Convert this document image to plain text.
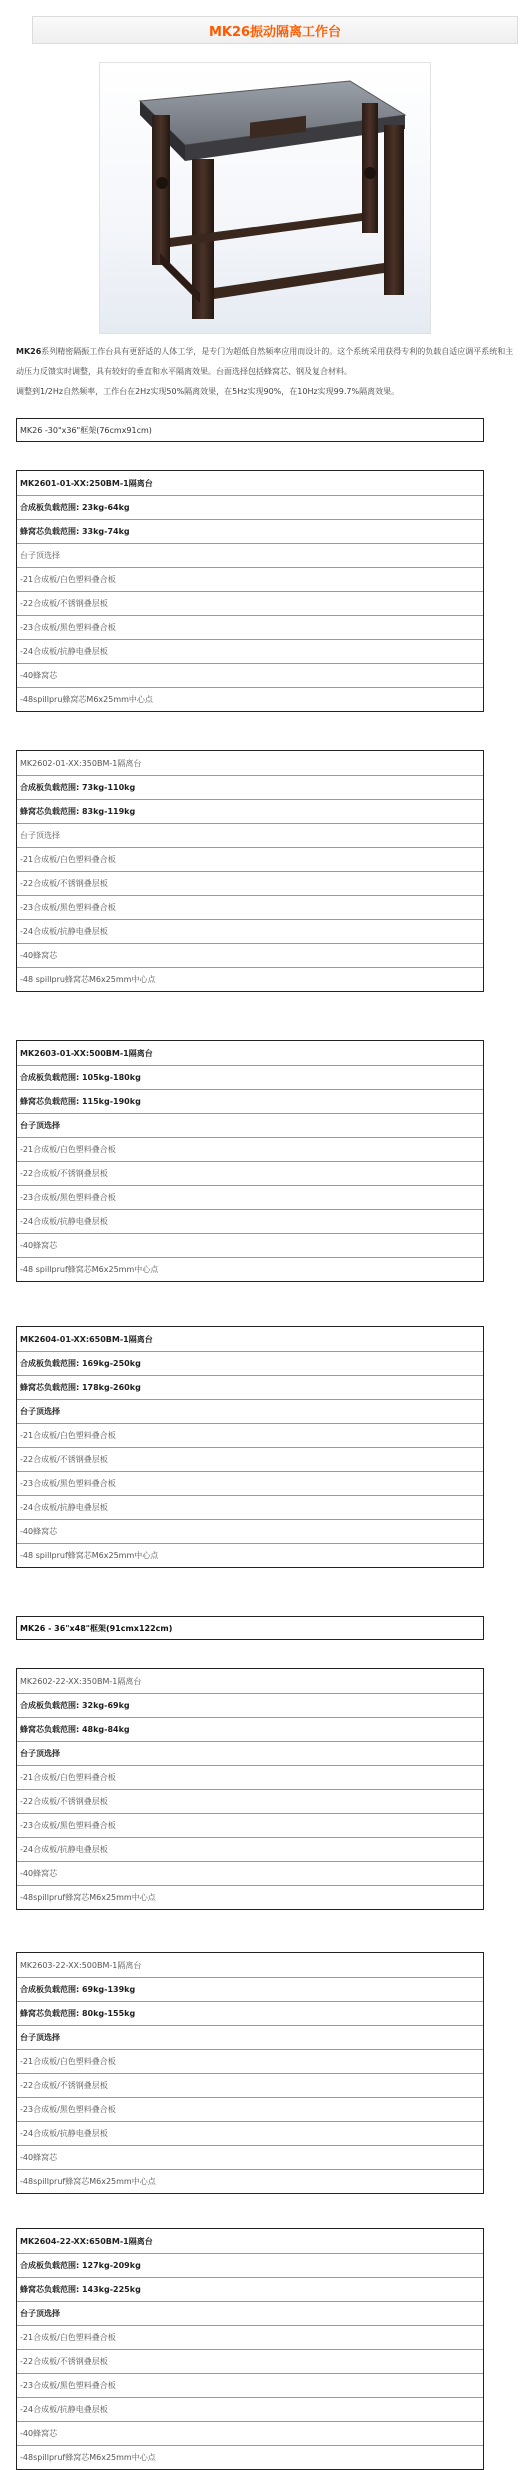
MK26振动隔离工作台

MK26系列精密隔振工作台具有更舒适的人体工学，是专门为超低自然频率应用而设计的。这个系统采用获得专利的负载自适应调平系统和主动压力反馈实时调整，具有较好的垂直和水平隔离效果。台面选择包括蜂窝芯、钢及复合材料。

调整到1/2Hz自然频率，工作台在2Hz实现50%隔离效果，在5Hz实现90%，在10Hz实现99.7%隔离效果。

MK26 -30"x36"框架(76cmx91cm)
MK2601-01-XX:250BM-1隔离台
合成板负载范围: 23kg-64kg
蜂窝芯负载范围: 33kg-74kg
台子顶选择
-21合成板/白色塑料叠合板
-22合成板/不锈钢叠层板
-23合成板/黑色塑料叠合板
-24合成板/抗静电叠层板
-40蜂窝芯
-48spillpru蜂窝芯M6x25mm中心点
MK2602-01-XX:350BM-1隔离台
合成板负载范围: 73kg-110kg
蜂窝芯负载范围: 83kg-119kg
台子顶选择
-21合成板/白色塑料叠合板
-22合成板/不锈钢叠层板
-23合成板/黑色塑料叠合板
-24合成板/抗静电叠层板
-40蜂窝芯
-48 spillpru蜂窝芯M6x25mm中心点
MK2603-01-XX:500BM-1隔离台
合成板负载范围: 105kg-180kg
蜂窝芯负载范围: 115kg-190kg
台子顶选择
-21合成板/白色塑料叠合板
-22合成板/不锈钢叠层板
-23合成板/黑色塑料叠合板
-24合成板/抗静电叠层板
-40蜂窝芯
-48 spillpruf蜂窝芯M6x25mm中心点
MK2604-01-XX:650BM-1隔离台
合成板负载范围: 169kg-250kg
蜂窝芯负载范围: 178kg-260kg
台子顶选择
-21合成板/白色塑料叠合板
-22合成板/不锈钢叠层板
-23合成板/黑色塑料叠合板
-24合成板/抗静电叠层板
-40蜂窝芯
-48 spillpruf蜂窝芯M6x25mm中心点
MK26 - 36"x48"框架(91cmx122cm)
MK2602-22-XX:350BM-1隔离台
合成板负载范围: 32kg-69kg
蜂窝芯负载范围: 48kg-84kg
台子顶选择
-21合成板/白色塑料叠合板
-22合成板/不锈钢叠层板
-23合成板/黑色塑料叠合板
-24合成板/抗静电叠层板
-40蜂窝芯
-48spillpruf蜂窝芯M6x25mm中心点
MK2603-22-XX:500BM-1隔离台
合成板负载范围: 69kg-139kg
蜂窝芯负载范围: 80kg-155kg
台子顶选择
-21合成板/白色塑料叠合板
-22合成板/不锈钢叠层板
-23合成板/黑色塑料叠合板
-24合成板/抗静电叠层板
-40蜂窝芯
-48spillpruf蜂窝芯M6x25mm中心点
MK2604-22-XX:650BM-1隔离台
合成板负载范围: 127kg-209kg
蜂窝芯负载范围: 143kg-225kg
台子顶选择
-21合成板/白色塑料叠合板
-22合成板/不锈钢叠层板
-23合成板/黑色塑料叠合板
-24合成板/抗静电叠层板
-40蜂窝芯
-48spillpruf蜂窝芯M6x25mm中心点
